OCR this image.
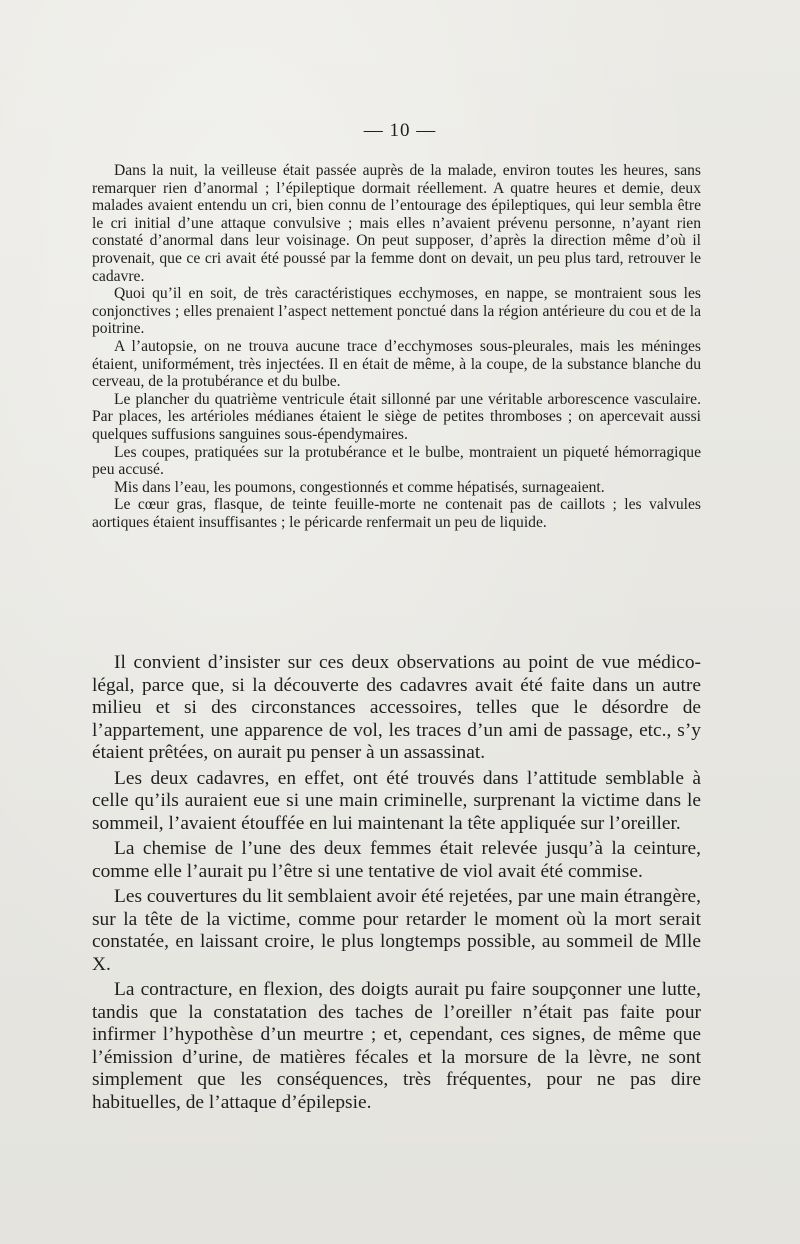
— 10 —

Dans la nuit, la veilleuse était passée auprès de la malade, environ toutes les heures, sans remarquer rien d’anormal ; l’épileptique dormait réellement. A quatre heures et demie, deux malades avaient entendu un cri, bien connu de l’entourage des épileptiques, qui leur sembla être le cri initial d’une attaque convulsive ; mais elles n’avaient prévenu personne, n’ayant rien constaté d’anormal dans leur voisinage. On peut supposer, d’après la direction même d’où il provenait, que ce cri avait été poussé par la femme dont on devait, un peu plus tard, retrouver le cadavre.

Quoi qu’il en soit, de très caractéristiques ecchymoses, en nappe, se montraient sous les conjonctives ; elles prenaient l’aspect nettement ponctué dans la région antérieure du cou et de la poitrine.

A l’autopsie, on ne trouva aucune trace d’ecchymoses sous-pleurales, mais les méninges étaient, uniformément, très injectées. Il en était de même, à la coupe, de la substance blanche du cerveau, de la protubérance et du bulbe.

Le plancher du quatrième ventricule était sillonné par une véritable arborescence vasculaire. Par places, les artérioles médianes étaient le siège de petites thromboses ; on apercevait aussi quelques suffusions sanguines sous-épendymaires.

Les coupes, pratiquées sur la protubérance et le bulbe, montraient un piqueté hémorragique peu accusé.

Mis dans l’eau, les poumons, congestionnés et comme hépatisés, surnageaient.

Le cœur gras, flasque, de teinte feuille-morte ne contenait pas de caillots ; les valvules aortiques étaient insuffisantes ; le péricarde renfermait un peu de liquide.

Il convient d’insister sur ces deux observations au point de vue médico-légal, parce que, si la découverte des cadavres avait été faite dans un autre milieu et si des circonstances accessoires, telles que le désordre de l’appartement, une apparence de vol, les traces d’un ami de passage, etc., s’y étaient prêtées, on aurait pu penser à un assassinat.

Les deux cadavres, en effet, ont été trouvés dans l’attitude semblable à celle qu’ils auraient eue si une main criminelle, surprenant la victime dans le sommeil, l’avaient étouffée en lui maintenant la tête appliquée sur l’oreiller.

La chemise de l’une des deux femmes était relevée jusqu’à la ceinture, comme elle l’aurait pu l’être si une tentative de viol avait été commise.

Les couvertures du lit semblaient avoir été rejetées, par une main étrangère, sur la tête de la victime, comme pour retarder le moment où la mort serait constatée, en laissant croire, le plus longtemps possible, au sommeil de Mlle X.

La contracture, en flexion, des doigts aurait pu faire soupçonner une lutte, tandis que la constatation des taches de l’oreiller n’était pas faite pour infirmer l’hypothèse d’un meurtre ; et, cependant, ces signes, de même que l’émission d’urine, de matières fécales et la morsure de la lèvre, ne sont simplement que les conséquences, très fréquentes, pour ne pas dire habituelles, de l’attaque d’épilepsie.
